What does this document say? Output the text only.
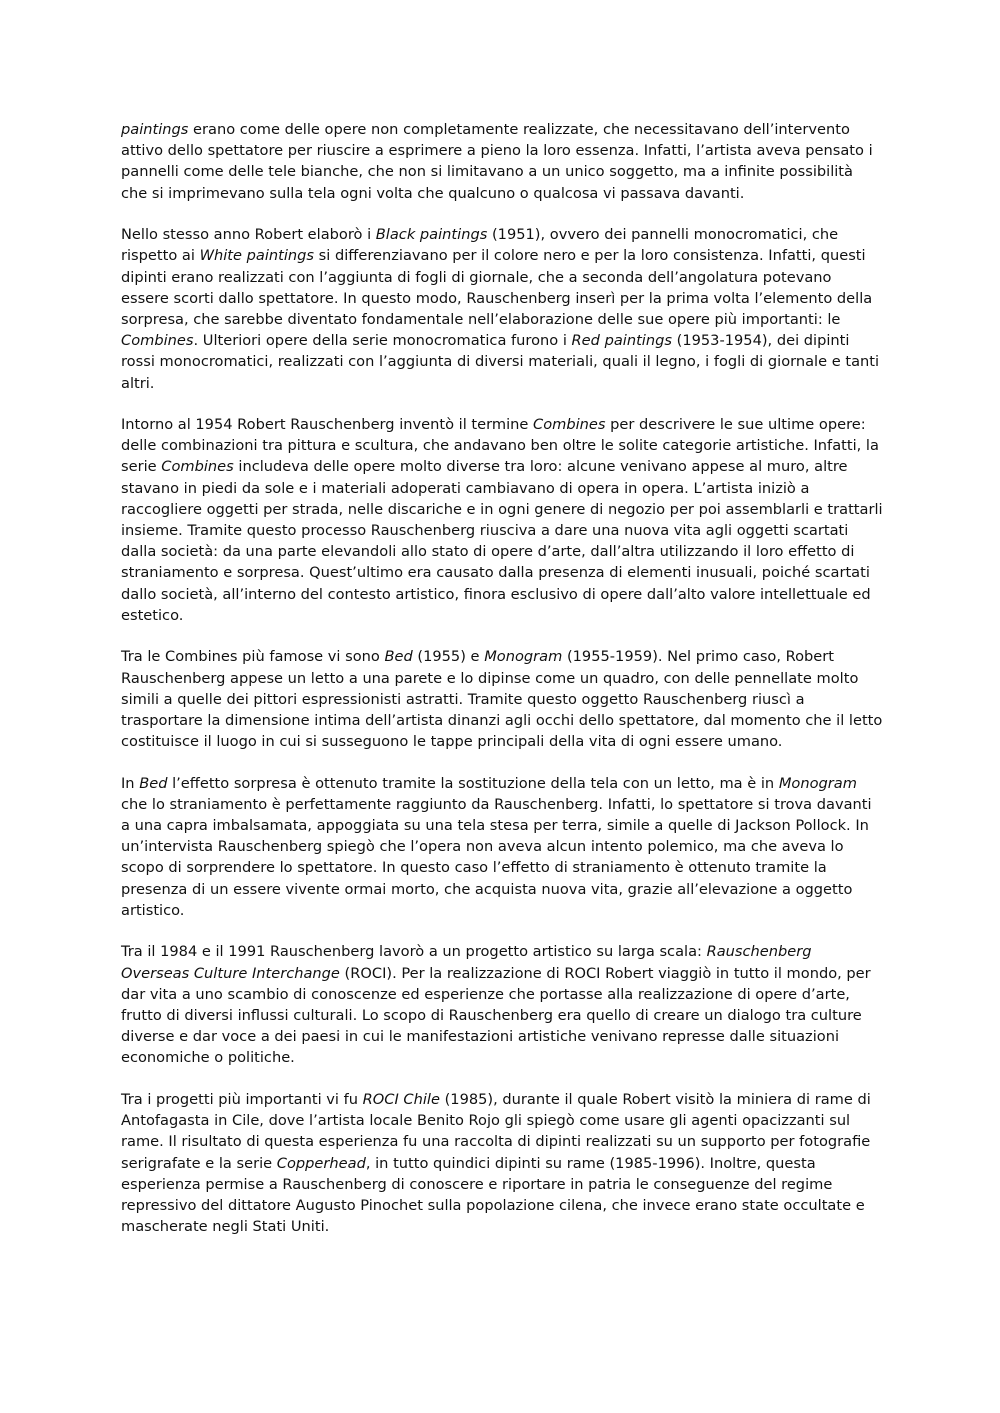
paintings erano come delle opere non completamente realizzate, che necessitavano dell’intervento attivo dello spettatore per riuscire a esprimere a pieno la loro essenza. Infatti, l’artista aveva pensato i pannelli come delle tele bianche, che non si limitavano a un unico soggetto, ma a infinite possibilità che si imprimevano sulla tela ogni volta che qualcuno o qualcosa vi passava davanti.

Nello stesso anno Robert elaborò i Black paintings (1951), ovvero dei pannelli monocromatici, che rispetto ai White paintings si differenziavano per il colore nero e per la loro consistenza. Infatti, questi dipinti erano realizzati con l’aggiunta di fogli di giornale, che a seconda dell’angolatura potevano essere scorti dallo spettatore. In questo modo, Rauschenberg inserì per la prima volta l’elemento della sorpresa, che sarebbe diventato fondamentale nell’elaborazione delle sue opere più importanti: le Combines. Ulteriori opere della serie monocromatica furono i Red paintings (1953-1954), dei dipinti rossi monocromatici, realizzati con l’aggiunta di diversi materiali, quali il legno, i fogli di giornale e tanti altri.

Intorno al 1954 Robert Rauschenberg inventò il termine Combines per descrivere le sue ultime opere: delle combinazioni tra pittura e scultura, che andavano ben oltre le solite categorie artistiche. Infatti, la serie Combines includeva delle opere molto diverse tra loro: alcune venivano appese al muro, altre stavano in piedi da sole e i materiali adoperati cambiavano di opera in opera. L’artista iniziò a raccogliere oggetti per strada, nelle discariche e in ogni genere di negozio per poi assemblarli e trattarli insieme. Tramite questo processo Rauschenberg riusciva a dare una nuova vita agli oggetti scartati dalla società: da una parte elevandoli allo stato di opere d’arte, dall’altra utilizzando il loro effetto di straniamento e sorpresa. Quest’ultimo era causato dalla presenza di elementi inusuali, poiché scartati dallo società, all’interno del contesto artistico, finora esclusivo di opere dall’alto valore intellettuale ed estetico.

Tra le Combines più famose vi sono Bed (1955) e Monogram (1955-1959). Nel primo caso, Robert Rauschenberg appese un letto a una parete e lo dipinse come un quadro, con delle pennellate molto simili a quelle dei pittori espressionisti astratti. Tramite questo oggetto Rauschenberg riuscì a trasportare la dimensione intima dell’artista dinanzi agli occhi dello spettatore, dal momento che il letto costituisce il luogo in cui si susseguono le tappe principali della vita di ogni essere umano.

In Bed l’effetto sorpresa è ottenuto tramite la sostituzione della tela con un letto, ma è in Monogram che lo straniamento è perfettamente raggiunto da Rauschenberg. Infatti, lo spettatore si trova davanti a una capra imbalsamata, appoggiata su una tela stesa per terra, simile a quelle di Jackson Pollock. In un’intervista Rauschenberg spiegò che l’opera non aveva alcun intento polemico, ma che aveva lo scopo di sorprendere lo spettatore. In questo caso l’effetto di straniamento è ottenuto tramite la presenza di un essere vivente ormai morto, che acquista nuova vita, grazie all’elevazione a oggetto artistico.

Tra il 1984 e il 1991 Rauschenberg lavorò a un progetto artistico su larga scala: Rauschenberg Overseas Culture Interchange (ROCI). Per la realizzazione di ROCI Robert viaggiò in tutto il mondo, per dar vita a uno scambio di conoscenze ed esperienze che portasse alla realizzazione di opere d’arte, frutto di diversi influssi culturali. Lo scopo di Rauschenberg era quello di creare un dialogo tra culture diverse e dar voce a dei paesi in cui le manifestazioni artistiche venivano represse dalle situazioni economiche o politiche.

Tra i progetti più importanti vi fu ROCI Chile (1985), durante il quale Robert visitò la miniera di rame di Antofagasta in Cile, dove l’artista locale Benito Rojo gli spiegò come usare gli agenti opacizzanti sul rame. Il risultato di questa esperienza fu una raccolta di dipinti realizzati su un supporto per fotografie serigrafate e la serie Copperhead, in tutto quindici dipinti su rame (1985-1996). Inoltre, questa esperienza permise a Rauschenberg di conoscere e riportare in patria le conseguenze del regime repressivo del dittatore Augusto Pinochet sulla popolazione cilena, che invece erano state occultate e mascherate negli Stati Uniti.
